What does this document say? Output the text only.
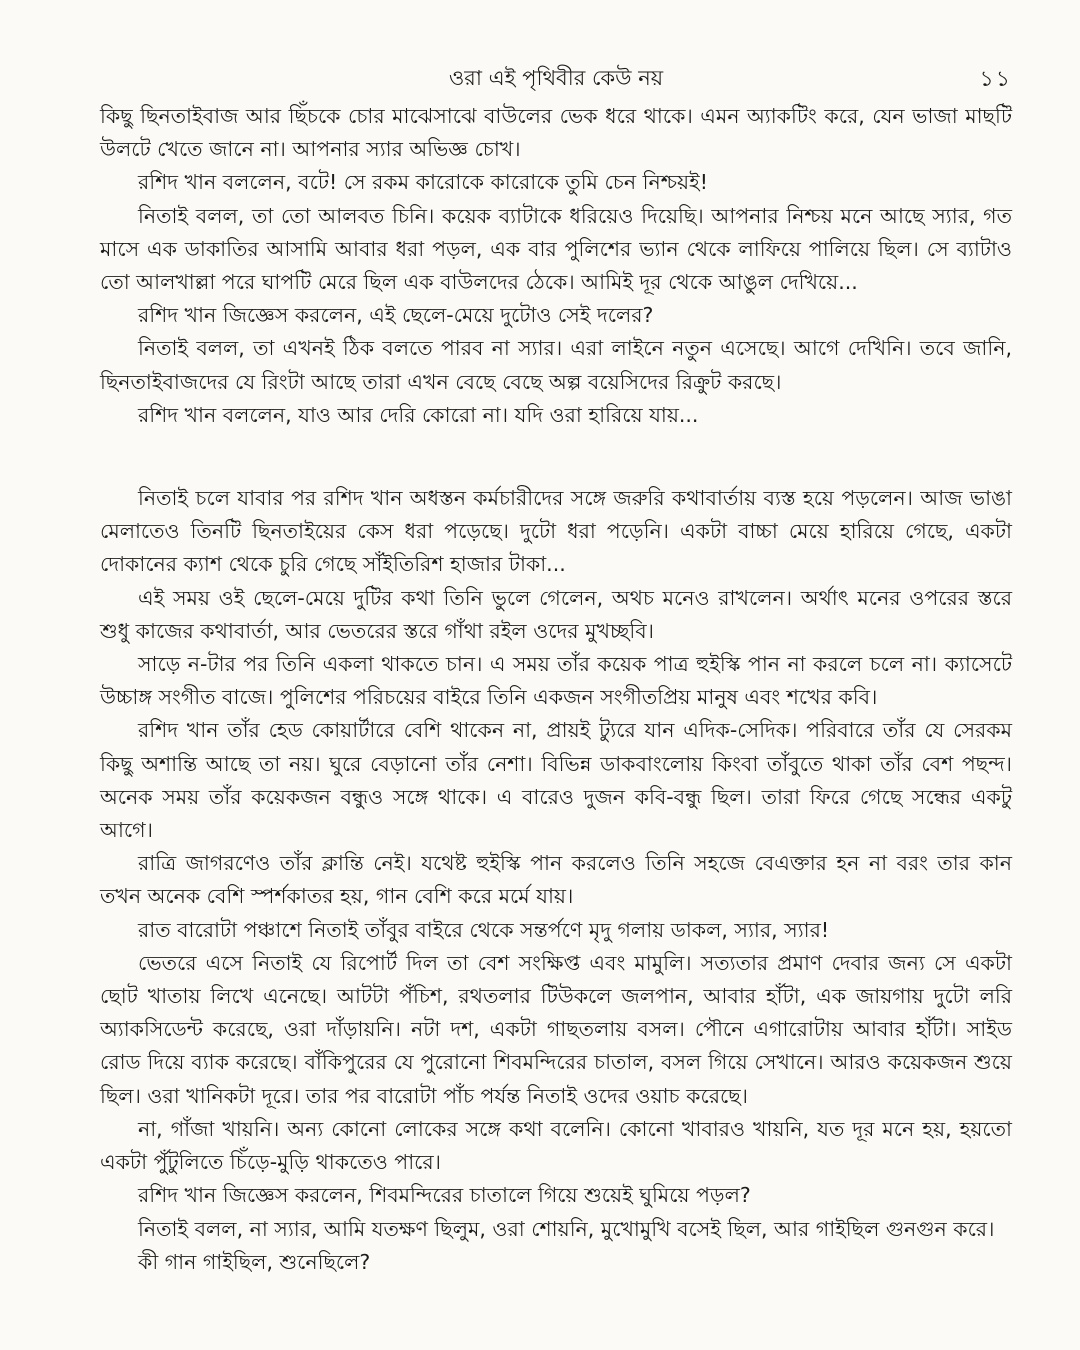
ওরা এই পৃথিবীর কেউ নয়	১১

কিছু ছিনতাইবাজ আর ছিঁচকে চোর মাঝেসাঝে বাউলের ভেক ধরে থাকে। এমন অ্যাকটিং করে, যেন ভাজা মাছটি উলটে খেতে জানে না। আপনার স্যার অভিজ্ঞ চোখ।

রশিদ খান বললেন, বটে! সে রকম কারোকে কারোকে তুমি চেন নিশ্চয়ই!

নিতাই বলল, তা তো আলবত চিনি। কয়েক ব্যাটাকে ধরিয়েও দিয়েছি। আপনার নিশ্চয় মনে আছে স্যার, গত মাসে এক ডাকাতির আসামি আবার ধরা পড়ল, এক বার পুলিশের ভ্যান থেকে লাফিয়ে পালিয়ে ছিল। সে ব্যাটাও তো আলখাল্লা পরে ঘাপটি মেরে ছিল এক বাউলদের ঠেকে। আমিই দূর থেকে আঙুল দেখিয়ে...

রশিদ খান জিজ্ঞেস করলেন, এই ছেলে-মেয়ে দুটোও সেই দলের?

নিতাই বলল, তা এখনই ঠিক বলতে পারব না স্যার। এরা লাইনে নতুন এসেছে। আগে দেখিনি। তবে জানি, ছিনতাইবাজদের যে রিংটা আছে তারা এখন বেছে বেছে অল্প বয়েসিদের রিক্রুট করছে।

রশিদ খান বললেন, যাও আর দেরি কোরো না। যদি ওরা হারিয়ে যায়...

নিতাই চলে যাবার পর রশিদ খান অধস্তন কর্মচারীদের সঙ্গে জরুরি কথাবার্তায় ব্যস্ত হয়ে পড়লেন। আজ ভাঙা মেলাতেও তিনটি ছিনতাইয়ের কেস ধরা পড়েছে। দুটো ধরা পড়েনি। একটা বাচ্চা মেয়ে হারিয়ে গেছে, একটা দোকানের ক্যাশ থেকে চুরি গেছে সাঁইতিরিশ হাজার টাকা...

এই সময় ওই ছেলে-মেয়ে দুটির কথা তিনি ভুলে গেলেন, অথচ মনেও রাখলেন। অর্থাৎ মনের ওপরের স্তরে শুধু কাজের কথাবার্তা, আর ভেতরের স্তরে গাঁথা রইল ওদের মুখচ্ছবি।

সাড়ে ন-টার পর তিনি একলা থাকতে চান। এ সময় তাঁর কয়েক পাত্র হুইস্কি পান না করলে চলে না। ক্যাসেটে উচ্চাঙ্গ সংগীত বাজে। পুলিশের পরিচয়ের বাইরে তিনি একজন সংগীতপ্রিয় মানুষ এবং শখের কবি।

রশিদ খান তাঁর হেড কোয়ার্টারে বেশি থাকেন না, প্রায়ই ট্যুরে যান এদিক-সেদিক। পরিবারে তাঁর যে সেরকম কিছু অশান্তি আছে তা নয়। ঘুরে বেড়ানো তাঁর নেশা। বিভিন্ন ডাকবাংলোয় কিংবা তাঁবুতে থাকা তাঁর বেশ পছন্দ। অনেক সময় তাঁর কয়েকজন বন্ধুও সঙ্গে থাকে। এ বারেও দুজন কবি-বন্ধু ছিল। তারা ফিরে গেছে সন্ধের একটু আগে।

রাত্রি জাগরণেও তাঁর ক্লান্তি নেই। যথেষ্ট হুইস্কি পান করলেও তিনি সহজে বেএক্তার হন না বরং তার কান তখন অনেক বেশি স্পর্শকাতর হয়, গান বেশি করে মর্মে যায়।

রাত বারোটা পঞ্চাশে নিতাই তাঁবুর বাইরে থেকে সন্তর্পণে মৃদু গলায় ডাকল, স্যার, স্যার!

ভেতরে এসে নিতাই যে রিপোর্ট দিল তা বেশ সংক্ষিপ্ত এবং মামুলি। সত্যতার প্রমাণ দেবার জন্য সে একটা ছোট খাতায় লিখে এনেছে। আটটা পঁচিশ, রথতলার টিউকলে জলপান, আবার হাঁটা, এক জায়গায় দুটো লরি অ্যাকসিডেন্ট করেছে, ওরা দাঁড়ায়নি। নটা দশ, একটা গাছতলায় বসল। পৌনে এগারোটায় আবার হাঁটা। সাইড রোড দিয়ে ব্যাক করেছে। বাঁকিপুরের যে পুরোনো শিবমন্দিরের চাতাল, বসল গিয়ে সেখানে। আরও কয়েকজন শুয়ে ছিল। ওরা খানিকটা দূরে। তার পর বারোটা পাঁচ পর্যন্ত নিতাই ওদের ওয়াচ করেছে।

না, গাঁজা খায়নি। অন্য কোনো লোকের সঙ্গে কথা বলেনি। কোনো খাবারও খায়নি, যত দূর মনে হয়, হয়তো একটা পুঁটুলিতে চিঁড়ে-মুড়ি থাকতেও পারে।

রশিদ খান জিজ্ঞেস করলেন, শিবমন্দিরের চাতালে গিয়ে শুয়েই ঘুমিয়ে পড়ল?

নিতাই বলল, না স্যার, আমি যতক্ষণ ছিলুম, ওরা শোয়নি, মুখোমুখি বসেই ছিল, আর গাইছিল গুনগুন করে।

কী গান গাইছিল, শুনেছিলে?
